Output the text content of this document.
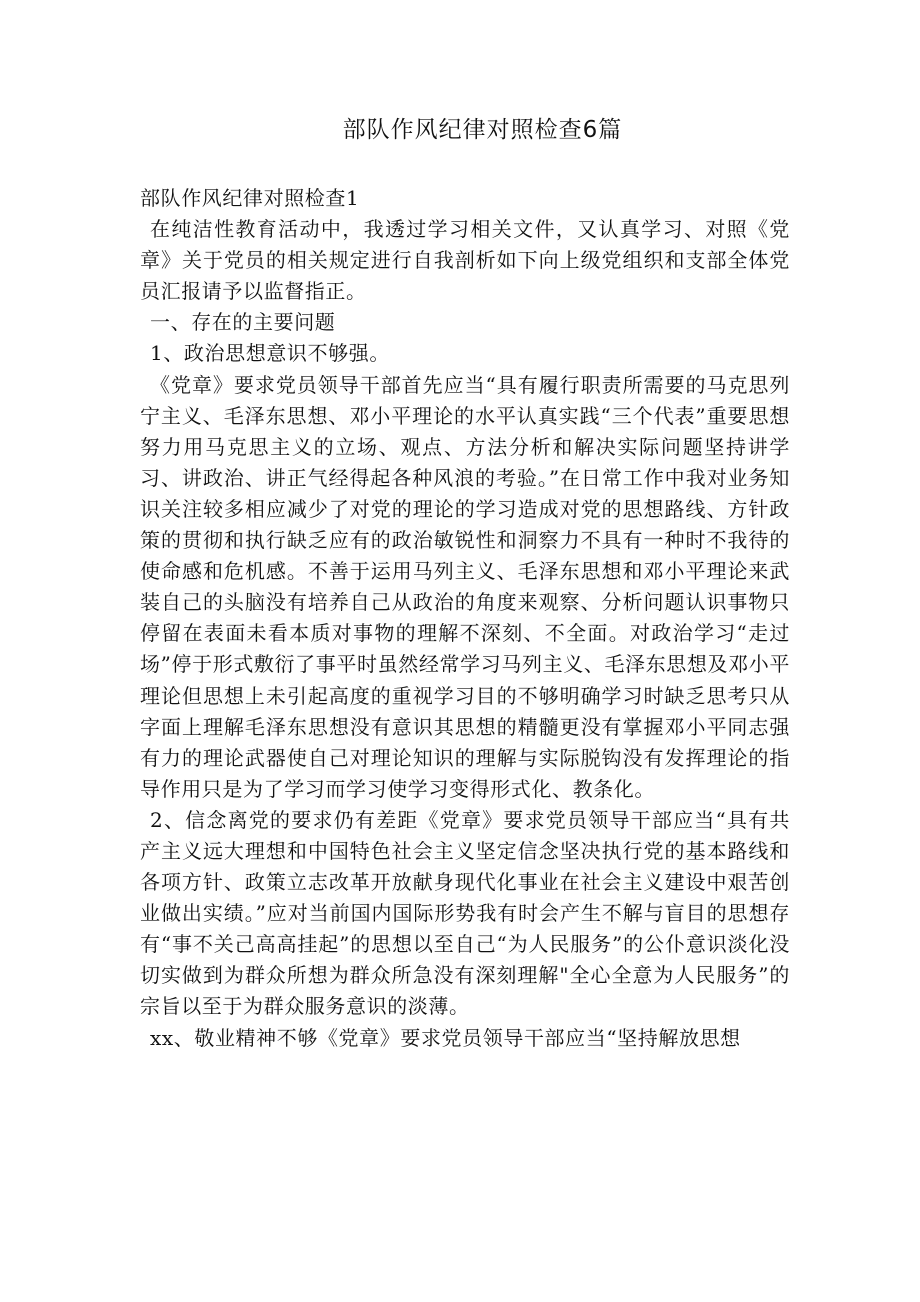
部队作风纪律对照检查6篇

部队作风纪律对照检查1

在纯洁性教育活动中，我透过学习相关文件，又认真学习、对照《党章》关于党员的相关规定进行自我剖析如下向上级党组织和支部全体党员汇报请予以监督指正。

一、存在的主要问题

1、政治思想意识不够强。

《党章》要求党员领导干部首先应当“具有履行职责所需要的马克思列宁主义、毛泽东思想、邓小平理论的水平认真实践“三个代表”重要思想努力用马克思主义的立场、观点、方法分析和解决实际问题坚持讲学习、讲政治、讲正气经得起各种风浪的考验。”在日常工作中我对业务知识关注较多相应减少了对党的理论的学习造成对党的思想路线、方针政策的贯彻和执行缺乏应有的政治敏锐性和洞察力不具有一种时不我待的使命感和危机感。不善于运用马列主义、毛泽东思想和邓小平理论来武装自己的头脑没有培养自己从政治的角度来观察、分析问题认识事物只停留在表面未看本质对事物的理解不深刻、不全面。对政治学习“走过场”停于形式敷衍了事平时虽然经常学习马列主义、毛泽东思想及邓小平理论但思想上未引起高度的重视学习目的不够明确学习时缺乏思考只从字面上理解毛泽东思想没有意识其思想的精髓更没有掌握邓小平同志强有力的理论武器使自己对理论知识的理解与实际脱钩没有发挥理论的指导作用只是为了学习而学习使学习变得形式化、教条化。

2、信念离党的要求仍有差距《党章》要求党员领导干部应当“具有共产主义远大理想和中国特色社会主义坚定信念坚决执行党的基本路线和各项方针、政策立志改革开放献身现代化事业在社会主义建设中艰苦创业做出实绩。”应对当前国内国际形势我有时会产生不解与盲目的思想存有“事不关己高高挂起”的思想以至自己“为人民服务”的公仆意识淡化没切实做到为群众所想为群众所急没有深刻理解"全心全意为人民服务”的宗旨以至于为群众服务意识的淡薄。

xx、敬业精神不够《党章》要求党员领导干部应当“坚持解放思想
